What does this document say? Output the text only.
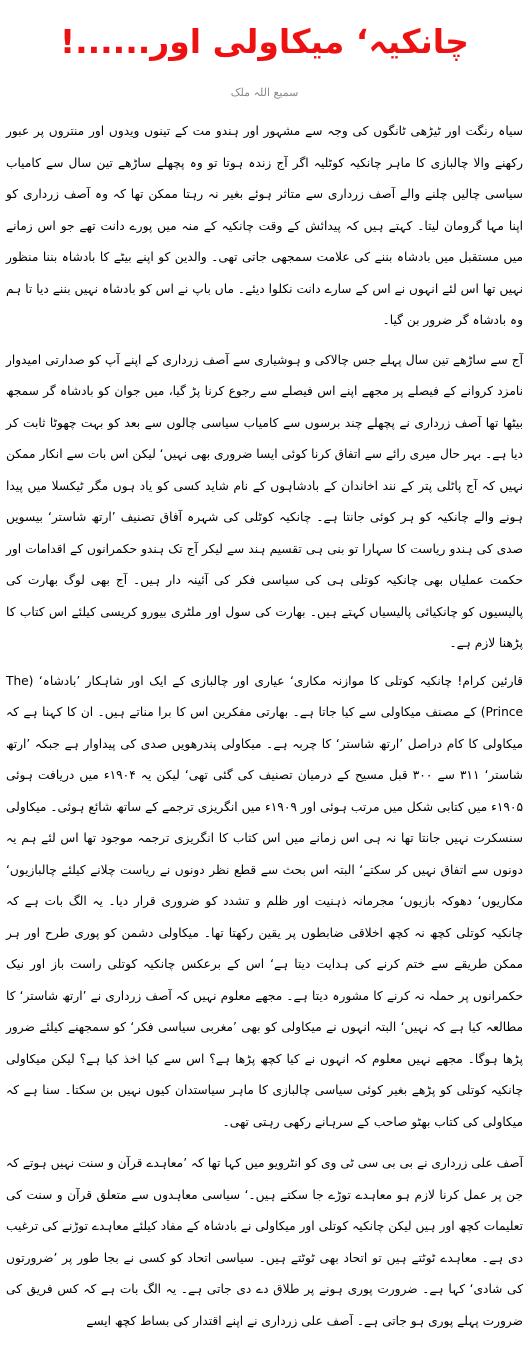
چانکیہ‘ میکاولی اور......!
سمیع اللہ ملک

سیاہ رنگت اور ٹیڑھی ٹانگوں کی وجہ سے مشہور اور ہندو مت کے تینوں ویدوں اور منتروں پر عبور رکھنے والا چالبازی کا ماہر چانکیہ کوٹلیہ اگر آج زندہ ہوتا تو وہ پچھلے ساڑھے تین سال سے کامیاب سیاسی چالیں چلنے والے آصف زرداری سے متاثر ہوئے بغیر نہ رہتا ممکن تھا کہ وہ آصف زرداری کو اپنا مہا گرومان لیتا۔ کہتے ہیں کہ پیدائش کے وقت چانکیہ کے منہ میں پورے دانت تھے جو اس زمانے میں مستقبل میں بادشاہ بننے کی علامت سمجھی جاتی تھی۔ والدین کو اپنے بیٹے کا بادشاہ بننا منظور نہیں تھا اس لئے انہوں نے اس کے سارے دانت نکلوا دیئے۔ ماں باپ نے اس کو بادشاہ نہیں بننے دیا تا ہم وہ بادشاہ گر ضرور بن گیا۔

آج سے ساڑھے تین سال پہلے جس چالاکی و ہوشیاری سے آصف زرداری کے اپنے آپ کو صدارتی امیدوار نامزد کروانے کے فیصلے پر مجھے اپنے اس فیصلے سے رجوع کرنا پڑ گیا، میں جوان کو بادشاہ گر سمجھ بیٹھا تھا آصف زرداری نے پچھلے چند برسوں سے کامیاب سیاسی چالوں سے بعد کو بہت چھوٹا ثابت کر دیا ہے۔ بہر حال میری رائے سے اتفاق کرنا کوئی ایسا ضروری بھی نہیں‘ لیکن اس بات سے انکار ممکن نہیں کہ آج پاٹلی پتر کے نند اخاندان کے بادشاہوں کے نام شاید کسی کو یاد ہوں مگر ٹیکسلا میں پیدا ہونے والے چانکیہ کو ہر کوئی جانتا ہے۔ چانکیہ کوٹلی کی شہرہ آفاق تصنیف ’ارتھ شاستر‘ بیسویں صدی کی ہندو ریاست کا سہارا تو بنی ہی تقسیم ہند سے لیکر آج تک ہندو حکمرانوں کے اقدامات اور حکمت عملیاں بھی چانکیہ کوتلی ہی کی سیاسی فکر کی آئینہ دار ہیں۔ آج بھی لوگ بھارت کی پالیسیوں کو چانکیائی پالیسیاں کہتے ہیں۔ بھارت کی سول اور ملٹری بیورو کریسی کیلئے اس کتاب کا پڑھنا لازم ہے۔

قارئین کرام! چانکیہ کوتلی کا موازنہ مکاری‘ عیاری اور چالبازی کے ایک اور شاہکار ’بادشاہ‘ (The Prince) کے مصنف میکاولی سے کیا جاتا ہے۔ بھارتی مفکرین اس کا برا مناتے ہیں۔ ان کا کہنا ہے کہ میکاولی کا کام دراصل ’ارتھ شاستر‘ کا چربہ ہے۔ میکاولی پندرھویں صدی کی پیداوار ہے جبکہ ’ارتھ شاستر‘ ۳۱۱ سے ۳۰۰ قبل مسیح کے درمیان تصنیف کی گئی تھی‘ لیکن یہ ۱۹۰۴ء میں دریافت ہوئی ۱۹۰۵ء میں کتابی شکل میں مرتب ہوئی اور ۱۹۰۹ء میں انگریزی ترجمے کے ساتھ شائع ہوئی۔ میکاولی سنسکرت نہیں جانتا تھا نہ ہی اس زمانے میں اس کتاب کا انگریزی ترجمہ موجود تھا اس لئے ہم یہ دونوں سے اتفاق نہیں کر سکتے‘ البتہ اس بحث سے قطع نظر دونوں نے ریاست چلانے کیلئے چالبازیوں‘ مکاریوں‘ دھوکہ بازیوں‘ مجرمانہ ذہنیت اور ظلم و تشدد کو ضروری قرار دیا۔ یہ الگ بات ہے کہ چانکیہ کوتلی کچھ نہ کچھ اخلاقی ضابطوں پر یقین رکھتا تھا۔ میکاولی دشمن کو پوری طرح اور ہر ممکن طریقے سے ختم کرنے کی ہدایت دیتا ہے‘ اس کے برعکس چانکیہ کوتلی راست باز اور نیک حکمرانوں پر حملہ نہ کرنے کا مشورہ دیتا ہے۔ مجھے معلوم نہیں کہ آصف زرداری نے ’ارتھ شاستر‘ کا مطالعہ کیا ہے کہ نہیں‘ البتہ انہوں نے میکاولی کو بھی ’مغربی سیاسی فکر‘ کو سمجھنے کیلئے ضرور پڑھا ہوگا۔ مجھے نہیں معلوم کہ انہوں نے کیا کچھ پڑھا ہے؟ اس سے کیا اخذ کیا ہے؟ لیکن میکاولی چانکیہ کوتلی کو پڑھے بغیر کوئی سیاسی چالبازی کا ماہر سیاستدان کیوں نہیں بن سکتا۔ سنا ہے کہ میکاولی کی کتاب بھٹو صاحب کے سرہانے رکھی رہتی تھی۔

آصف علی زرداری نے بی بی سی ٹی وی کو انٹرویو میں کہا تھا کہ ’معاہدے قرآن و سنت نہیں ہوتے کہ جن پر عمل کرنا لازم ہو معاہدے توڑے جا سکتے ہیں۔‘ سیاسی معاہدوں سے متعلق قرآن و سنت کی تعلیمات کچھ اور ہیں لیکن چانکیہ کوتلی اور میکاولی نے بادشاہ کے مفاد کیلئے معاہدے توڑنے کی ترغیب دی ہے۔ معاہدے ٹوٹتے ہیں تو اتحاد بھی ٹوٹتے ہیں۔ سیاسی اتحاد کو کسی نے بجا طور پر ’ضرورتوں کی شادی‘ کہا ہے۔ ضرورت پوری ہونے پر طلاق دے دی جاتی ہے۔ یہ الگ بات ہے کہ کس فریق کی ضرورت پہلے پوری ہو جاتی ہے۔ آصف علی زرداری نے اپنے اقتدار کی بساط کچھ ایسے
